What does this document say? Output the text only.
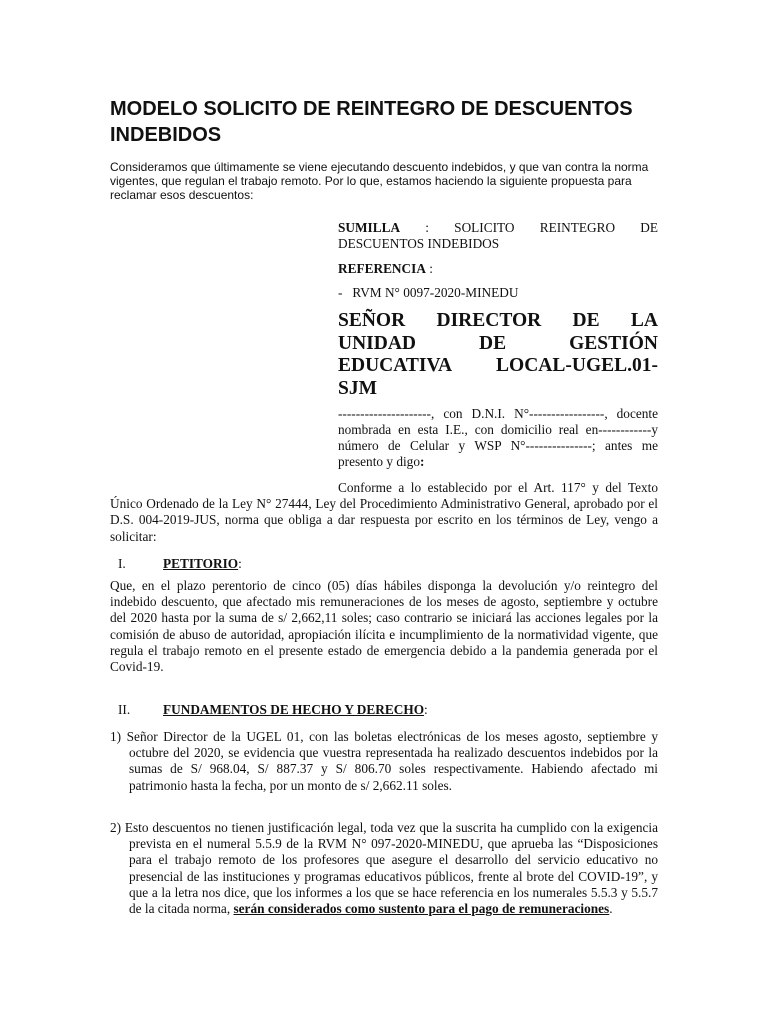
MODELO SOLICITO DE REINTEGRO DE DESCUENTOS INDEBIDOS

Consideramos que últimamente se viene ejecutando descuento indebidos, y que van contra la norma vigentes, que regulan el trabajo remoto. Por lo que, estamos haciendo la siguiente propuesta para reclamar esos descuentos:

SUMILLA : SOLICITO REINTEGRO DE DESCUENTOS INDEBIDOS

REFERENCIA :

-   RVM N° 0097-2020-MINEDU

SEÑOR DIRECTOR DE LA UNIDAD DE GESTIÓN EDUCATIVA LOCAL-UGEL.01-
SJM

---------------------, con D.N.I. N°-----------------, docente nombrada en esta I.E., con domicilio real en------------y número de Celular y WSP N°---------------; antes me presento y digo:

Conforme a lo establecido por el Art. 117° y del Texto Único Ordenado de la Ley N° 27444, Ley del Procedimiento Administrativo General, aprobado por el D.S. 004-2019-JUS, norma que obliga a dar respuesta por escrito en los términos de Ley, vengo a solicitar:

I.	PETITORIO:

Que, en el plazo perentorio de cinco (05) días hábiles disponga la devolución y/o reintegro del indebido descuento, que afectado mis remuneraciones de los meses de agosto, septiembre y octubre del 2020 hasta por la suma de s/ 2,662,11 soles; caso contrario se iniciará las acciones legales por la comisión de abuso de autoridad, apropiación ilícita e incumplimiento de la normatividad vigente, que regula el trabajo remoto en el presente estado de emergencia debido a la pandemia generada por el Covid-19.

II. FUNDAMENTOS DE HECHO Y DERECHO:

1) Señor Director de la UGEL 01, con las boletas electrónicas de los meses agosto, septiembre y octubre del 2020, se evidencia que vuestra representada ha realizado descuentos indebidos por la sumas de S/ 968.04, S/ 887.37 y S/ 806.70 soles respectivamente. Habiendo afectado mi patrimonio hasta la fecha, por un monto de s/ 2,662.11 soles.

2) Esto descuentos no tienen justificación legal, toda vez que la suscrita ha cumplido con la exigencia prevista en el numeral 5.5.9 de la RVM N° 097-2020-MINEDU, que aprueba las “Disposiciones para el trabajo remoto de los profesores que asegure el desarrollo del servicio educativo no presencial de las instituciones y programas educativos públicos, frente al brote del COVID-19”, y que a la letra nos dice, que los informes a los que se hace referencia en los numerales 5.5.3 y 5.5.7 de la citada norma, serán considerados como sustento para el pago de remuneraciones.
